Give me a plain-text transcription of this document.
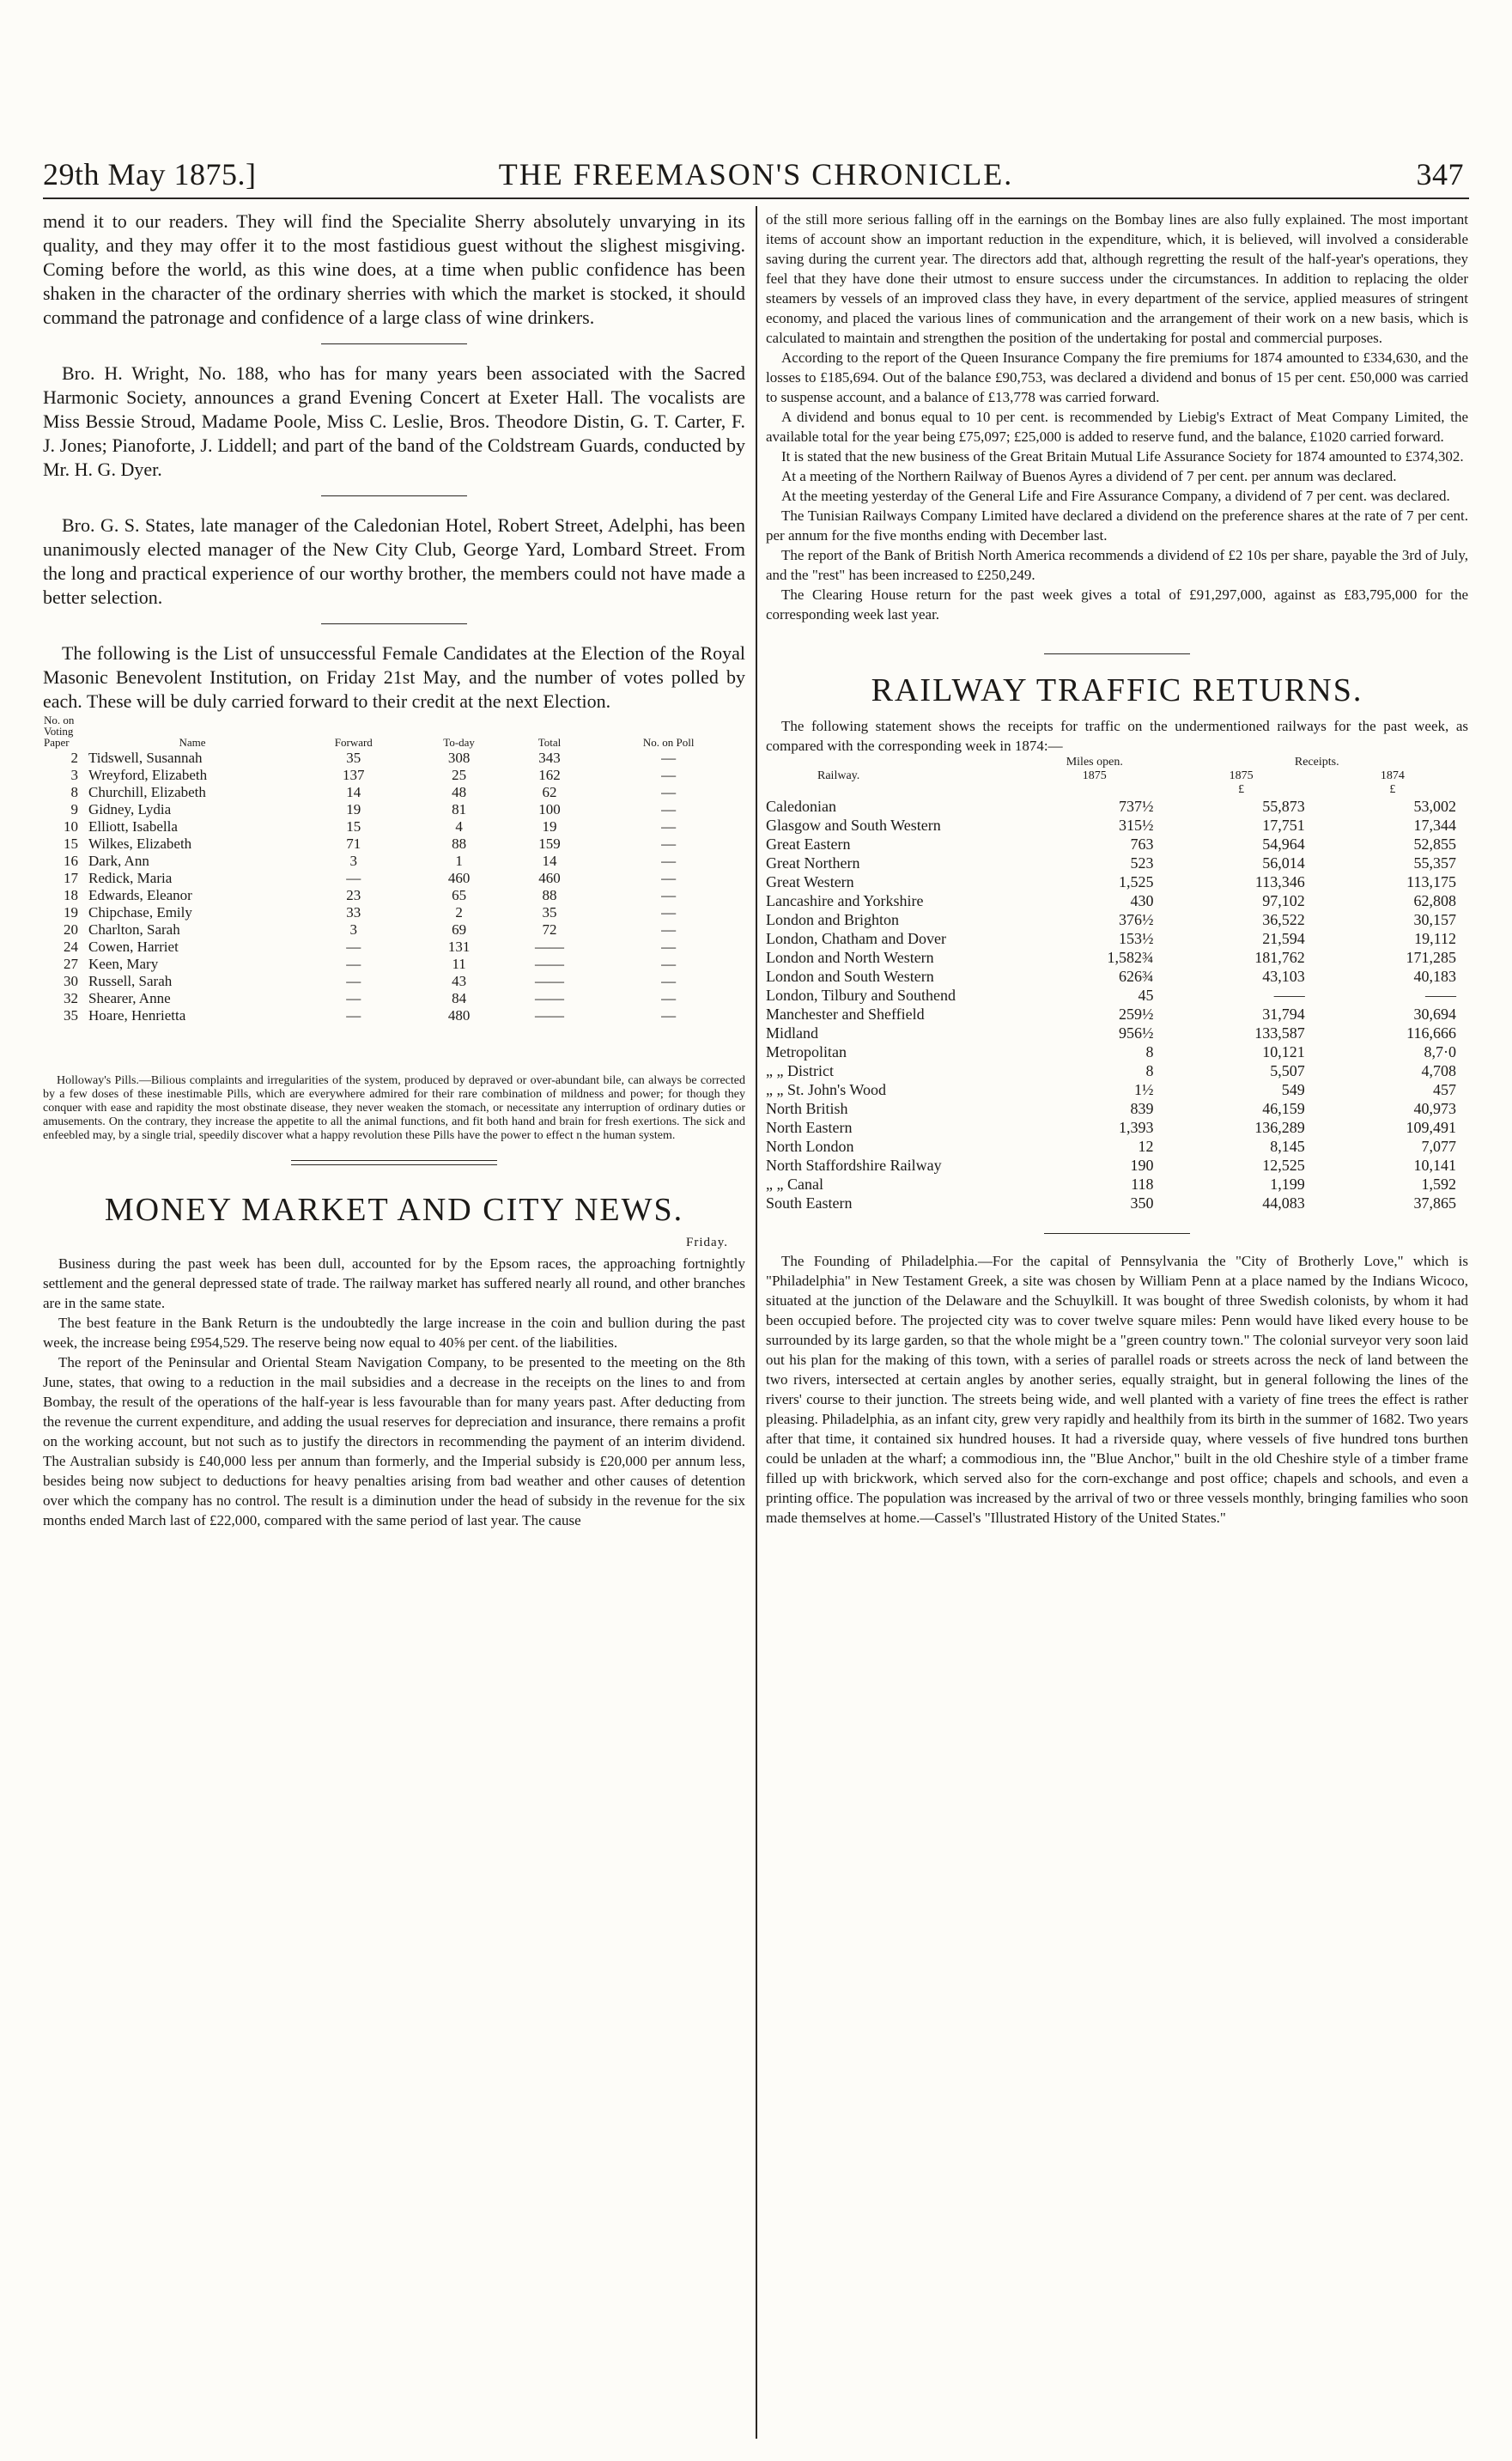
29th May 1875.]	THE FREEMASON'S CHRONICLE.	347

mend it to our readers. They will find the Specialite Sherry absolutely unvarying in its quality, and they may offer it to the most fastidious guest without the slighest misgiving. Coming before the world, as this wine does, at a time when public confidence has been shaken in the character of the ordinary sherries with which the market is stocked, it should command the patronage and confidence of a large class of wine drinkers.

Bro. H. Wright, No. 188, who has for many years been associated with the Sacred Harmonic Society, announces a grand Evening Concert at Exeter Hall. The vocalists are Miss Bessie Stroud, Madame Poole, Miss C. Leslie, Bros. Theodore Distin, G. T. Carter, F. J. Jones; Pianoforte, J. Liddell; and part of the band of the Coldstream Guards, conducted by Mr. H. G. Dyer.

Bro. G. S. States, late manager of the Caledonian Hotel, Robert Street, Adelphi, has been unanimously elected manager of the New City Club, George Yard, Lombard Street. From the long and practical experience of our worthy brother, the members could not have made a better selection.

The following is the List of unsuccessful Female Candidates at the Election of the Royal Masonic Benevolent Institution, on Friday 21st May, and the number of votes polled by each. These will be duly carried forward to their credit at the next Election.

No. on Voting Paper	Name	Forward	To-day	Total	No. on Poll
2	Tidswell, Susannah	35	308	343	—
3	Wreyford, Elizabeth	137	25	162	—
8	Churchill, Elizabeth	14	48	62	—
9	Gidney, Lydia	19	81	100	—
10	Elliott, Isabella	15	4	19	—
15	Wilkes, Elizabeth	71	88	159	—
16	Dark, Ann	3	1	14	—
17	Redick, Maria	—	460	460	—
18	Edwards, Eleanor	23	65	88	—
19	Chipchase, Emily	33	2	35	—
20	Charlton, Sarah	3	69	72	—
24	Cowen, Harriet	—	131	——	—
27	Keen, Mary	—	11	——	—
30	Russell, Sarah	—	43	——	—
32	Shearer, Anne	—	84	——	—
35	Hoare, Henrietta	—	480	——	—

Holloway's Pills.—Bilious complaints and irregularities of the system, produced by depraved or over-abundant bile, can always be corrected by a few doses of these inestimable Pills, which are everywhere admired for their rare combination of mildness and power; for though they conquer with ease and rapidity the most obstinate disease, they never weaken the stomach, or necessitate any interruption of ordinary duties or amusements. On the contrary, they increase the appetite to all the animal functions, and fit both hand and brain for fresh exertions. The sick and enfeebled may, by a single trial, speedily discover what a happy revolution these Pills have the power to effect n the human system.

MONEY MARKET AND CITY NEWS.
Friday.

Business during the past week has been dull, accounted for by the Epsom races, the approaching fortnightly settlement and the general depressed state of trade. The railway market has suffered nearly all round, and other branches are in the same state.

The best feature in the Bank Return is the undoubtedly the large increase in the coin and bullion during the past week, the increase being £954,529. The reserve being now equal to 40⅝ per cent. of the liabilities.

The report of the Peninsular and Oriental Steam Navigation Company, to be presented to the meeting on the 8th June, states, that owing to a reduction in the mail subsidies and a decrease in the receipts on the lines to and from Bombay, the result of the operations of the half-year is less favourable than for many years past. After deducting from the revenue the current expenditure, and adding the usual reserves for depreciation and insurance, there remains a profit on the working account, but not such as to justify the directors in recommending the payment of an interim dividend. The Australian subsidy is £40,000 less per annum than formerly, and the Imperial subsidy is £20,000 per annum less, besides being now subject to deductions for heavy penalties arising from bad weather and other causes of detention over which the company has no control. The result is a diminution under the head of subsidy in the revenue for the six months ended March last of £22,000, compared with the same period of last year. The cause

of the still more serious falling off in the earnings on the Bombay lines are also fully explained. The most important items of account show an important reduction in the expenditure, which, it is believed, will involved a considerable saving during the current year. The directors add that, although regretting the result of the half-year's operations, they feel that they have done their utmost to ensure success under the circumstances. In addition to replacing the older steamers by vessels of an improved class they have, in every department of the service, applied measures of stringent economy, and placed the various lines of communication and the arrangement of their work on a new basis, which is calculated to maintain and strengthen the position of the undertaking for postal and commercial purposes.

According to the report of the Queen Insurance Company the fire premiums for 1874 amounted to £334,630, and the losses to £185,694. Out of the balance £90,753, was declared a dividend and bonus of 15 per cent. £50,000 was carried to suspense account, and a balance of £13,778 was carried forward.

A dividend and bonus equal to 10 per cent. is recommended by Liebig's Extract of Meat Company Limited, the available total for the year being £75,097; £25,000 is added to reserve fund, and the balance, £1020 carried forward.

It is stated that the new business of the Great Britain Mutual Life Assurance Society for 1874 amounted to £374,302.

At a meeting of the Northern Railway of Buenos Ayres a dividend of 7 per cent. per annum was declared.

At the meeting yesterday of the General Life and Fire Assurance Company, a dividend of 7 per cent. was declared.

The Tunisian Railways Company Limited have declared a dividend on the preference shares at the rate of 7 per cent. per annum for the five months ending with December last.

The report of the Bank of British North America recommends a dividend of £2 10s per share, payable the 3rd of July, and the "rest" has been increased to £250,249.

The Clearing House return for the past week gives a total of £91,297,000, against as £83,795,000 for the corresponding week last year.

RAILWAY TRAFFIC RETURNS.

The following statement shows the receipts for traffic on the undermentioned railways for the past week, as compared with the corresponding week in 1874:—

	Miles open.	Receipts.	
Railway.	1875	1875	1874
		£	£
Caledonian	737½	55,873	53,002
Glasgow and South Western	315½	17,751	17,344
Great Eastern	763	54,964	52,855
Great Northern	523	56,014	55,357
Great Western	1,525	113,346	113,175
Lancashire and Yorkshire	430	97,102	62,808
London and Brighton	376½	36,522	30,157
London, Chatham and Dover	153½	21,594	19,112
London and North Western	1,582¾	181,762	171,285
London and South Western	626¾	43,103	40,183
London, Tilbury and Southend	45	——	——
Manchester and Sheffield	259½	31,794	30,694
Midland	956½	133,587	116,666
Metropolitan	8	10,121	8,7·0
„ „ District	8	5,507	4,708
„ „ St. John's Wood	1½	549	457
North British	839	46,159	40,973
North Eastern	1,393	136,289	109,491
North London	12	8,145	7,077
North Staffordshire Railway	190	12,525	10,141
„ „ Canal	118	1,199	1,592
South Eastern	350	44,083	37,865

The Founding of Philadelphia.—For the capital of Pennsylvania the "City of Brotherly Love," which is "Philadelphia" in New Testament Greek, a site was chosen by William Penn at a place named by the Indians Wicoco, situated at the junction of the Delaware and the Schuylkill. It was bought of three Swedish colonists, by whom it had been occupied before. The projected city was to cover twelve square miles: Penn would have liked every house to be surrounded by its large garden, so that the whole might be a "green country town." The colonial surveyor very soon laid out his plan for the making of this town, with a series of parallel roads or streets across the neck of land between the two rivers, intersected at certain angles by another series, equally straight, but in general following the lines of the rivers' course to their junction. The streets being wide, and well planted with a variety of fine trees the effect is rather pleasing. Philadelphia, as an infant city, grew very rapidly and healthily from its birth in the summer of 1682. Two years after that time, it contained six hundred houses. It had a riverside quay, where vessels of five hundred tons burthen could be unladen at the wharf; a commodious inn, the "Blue Anchor," built in the old Cheshire style of a timber frame filled up with brickwork, which served also for the corn-exchange and post office; chapels and schools, and even a printing office. The population was increased by the arrival of two or three vessels monthly, bringing families who soon made themselves at home.—Cassel's "Illustrated History of the United States."
